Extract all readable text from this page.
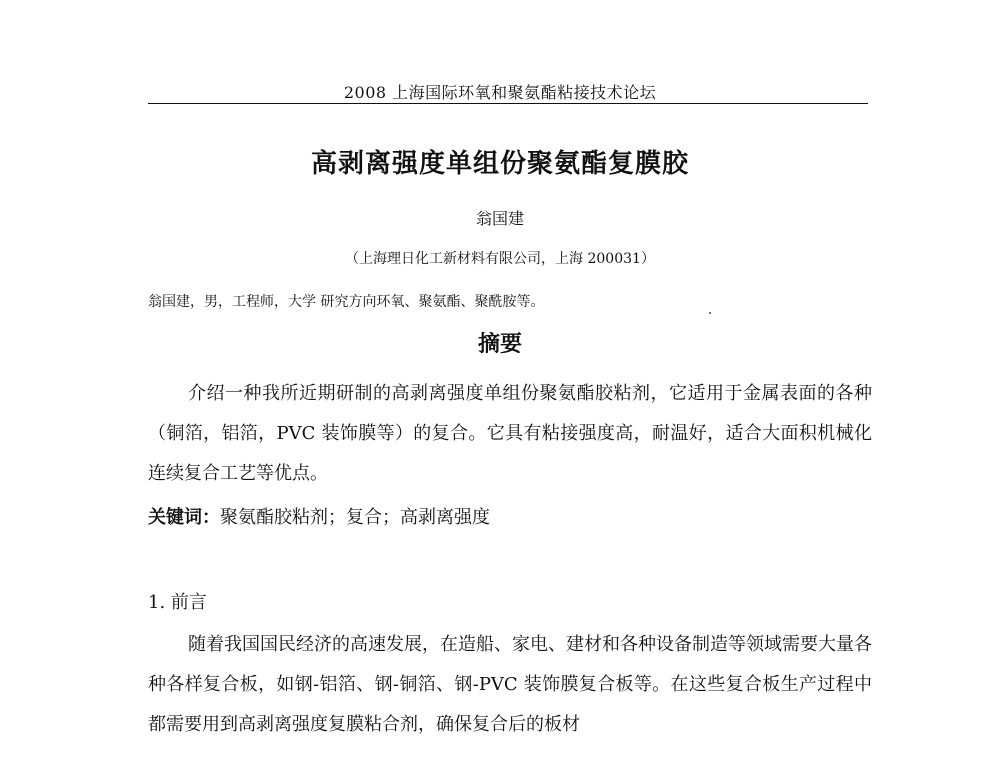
2008 上海国际环氧和聚氨酯粘接技术论坛
高剥离强度单组份聚氨酯复膜胶
翁国建
（上海理日化工新材料有限公司，上海 200031）
翁国建，男，工程师，大学 研究方向环氧、聚氨酯、聚酰胺等。
摘要

介绍一种我所近期研制的高剥离强度单组份聚氨酯胶粘剂，它适用于金属表面的各种（铜箔，铝箔，PVC 装饰膜等）的复合。它具有粘接强度高，耐温好，适合大面积机械化连续复合工艺等优点。

关键词：聚氨酯胶粘剂；复合；高剥离强度
1. 前言

随着我国国民经济的高速发展，在造船、家电、建材和各种设备制造等领域需要大量各种各样复合板，如钢-铝箔、钢-铜箔、钢-PVC 装饰膜复合板等。在这些复合板生产过程中都需要用到高剥离强度复膜粘合剂，确保复合后的板材
